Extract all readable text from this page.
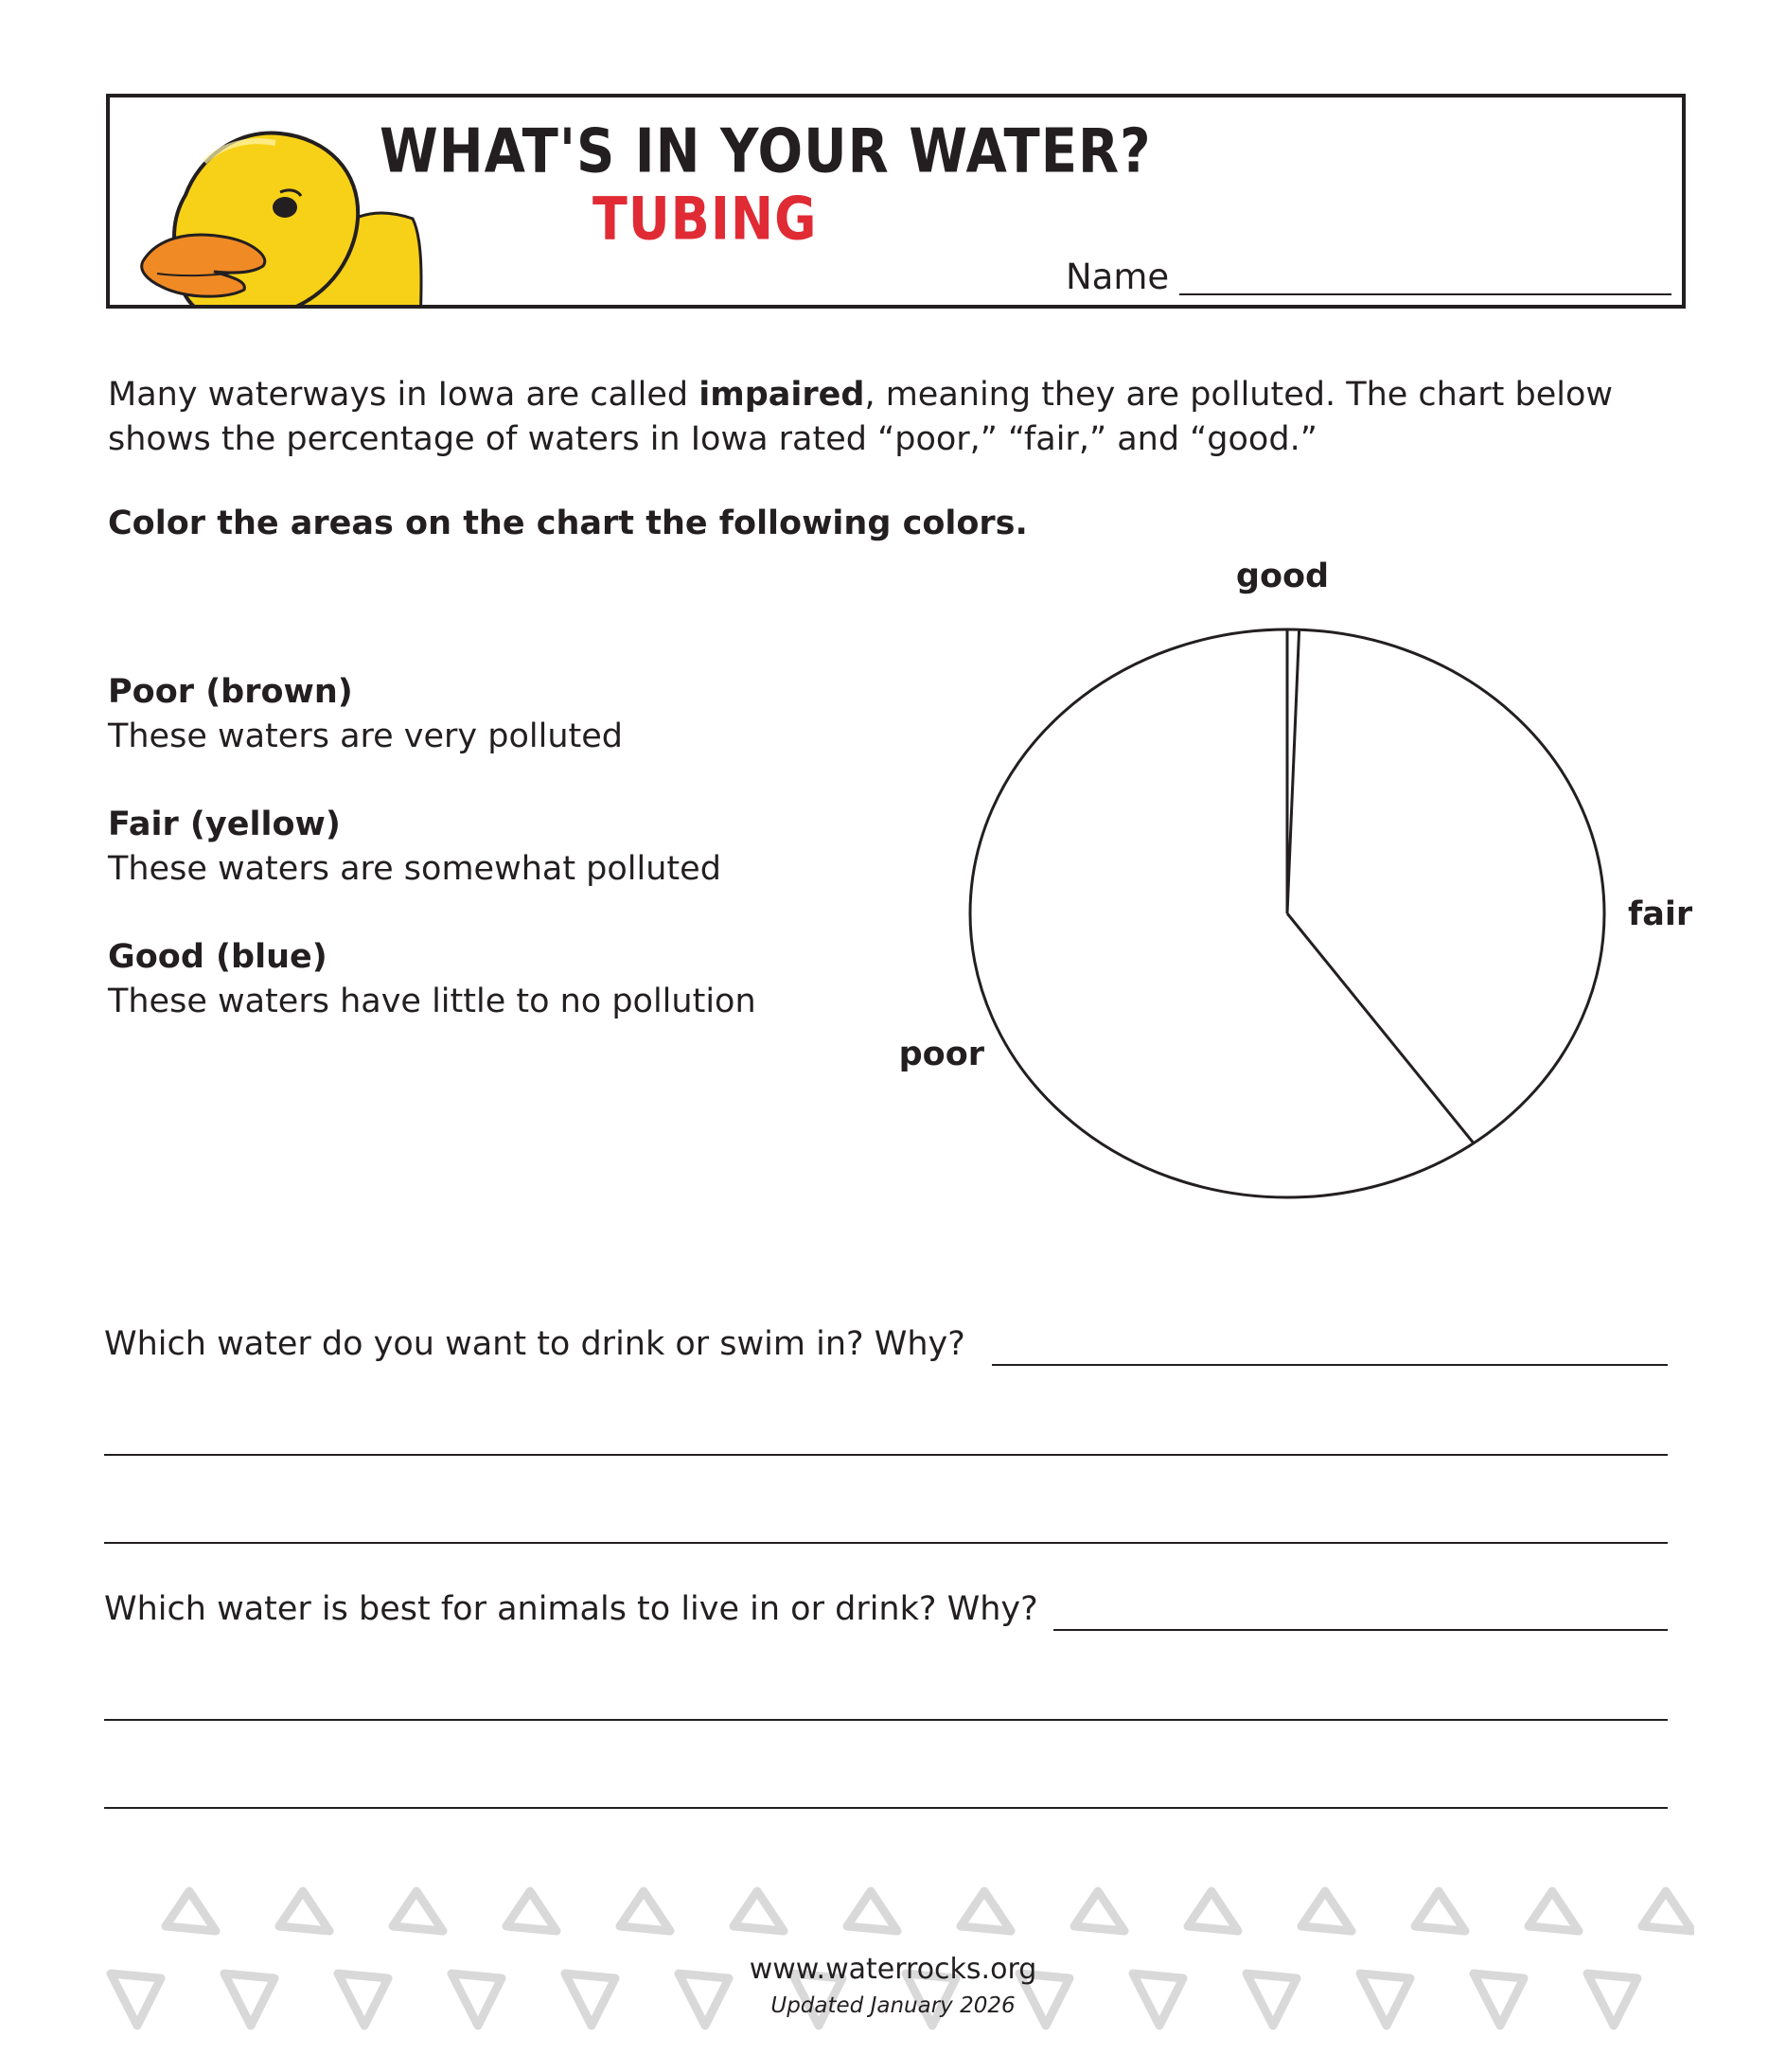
WHAT'S IN YOUR WATER?
TUBING
Name
Many waterways in Iowa are called impaired, meaning they are polluted. The chart below
shows the percentage of waters in Iowa rated “poor,” “fair,” and “good.”
Color the areas on the chart the following colors.
Poor (brown)
These waters are very polluted
Fair (yellow)
These waters are somewhat polluted
Good (blue)
These waters have little to no pollution
good
fair
poor
Which water do you want to drink or swim in? Why?
Which water is best for animals to live in or drink? Why?
www.waterrocks.org
Updated January 2026
